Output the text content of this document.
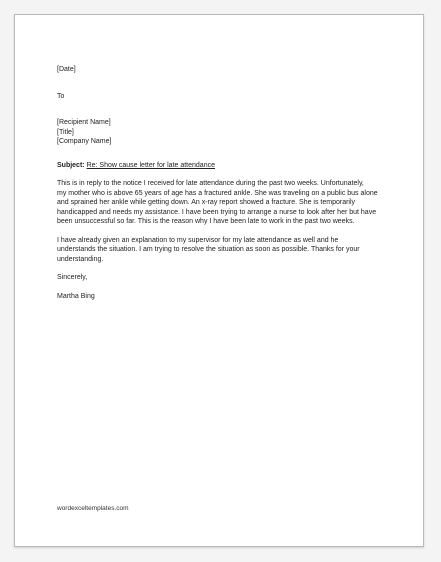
[Date]
To
[Recipient Name]
[Title]
[Company Name]
Subject: Re: Show cause letter for late attendance
This is in reply to the notice I received for late attendance during the past two weeks. Unfortunately,
my mother who is above 65 years of age has a fractured ankle. She was traveling on a public bus alone
and sprained her ankle while getting down. An x-ray report showed a fracture. She is temporarily
handicapped and needs my assistance. I have been trying to arrange a nurse to look after her but have
been unsuccessful so far. This is the reason why I have been late to work in the past two weeks.
I have already given an explanation to my supervisor for my late attendance as well and he
understands the situation. I am trying to resolve the situation as soon as possible. Thanks for your
understanding.
Sincerely,
Martha Bing
wordexceltemplates.com
